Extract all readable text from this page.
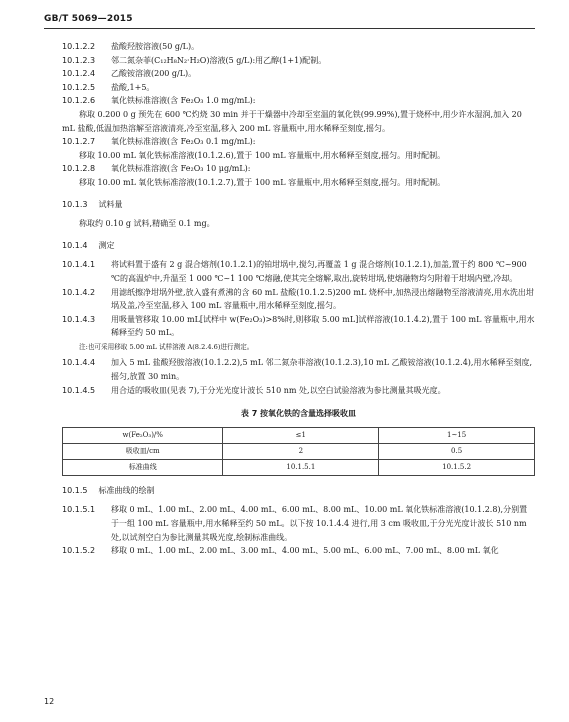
GB/T 5069—2015
10.1.2.2	盐酸羟胺溶液(50 g/L)。
10.1.2.3	邻二氮杂菲(C₁₂H₈N₂·H₂O)溶液(5 g/L):用乙醇(1+1)配制。
10.1.2.4	乙酸铵溶液(200 g/L)。
10.1.2.5	盐酸,1+5。
10.1.2.6	氧化铁标准溶液(含 Fe₂O₃ 1.0 mg/mL):

称取 0.200 0 g 预先在 600 ℃灼烧 30 min 并于干燥器中冷却至室温的氧化铁(99.99%),置于烧杯中,用少许水湿润,加入 20 mL 盐酸,低温加热溶解至溶液清亮,冷至室温,移入 200 mL 容量瓶中,用水稀释至刻度,摇匀。

10.1.2.7	氧化铁标准溶液(含 Fe₂O₃ 0.1 mg/mL):

移取 10.00 mL 氧化铁标准溶液(10.1.2.6),置于 100 mL 容量瓶中,用水稀释至刻度,摇匀。用时配制。

10.1.2.8	氧化铁标准溶液(含 Fe₂O₃ 10 μg/mL):

移取 10.00 mL 氧化铁标准溶液(10.1.2.7),置于 100 mL 容量瓶中,用水稀释至刻度,摇匀。用时配制。

10.1.3 试料量

称取约 0.10 g 试料,精确至 0.1 mg。

10.1.4 测定
10.1.4.1	将试料置于盛有 2 g 混合熔剂(10.1.2.1)的铂坩埚中,搅匀,再覆盖 1 g 混合熔剂(10.1.2.1),加盖,置于约 800 ℃~900 ℃的高温炉中,升温至 1 000 ℃~1 100 ℃熔融,使其完全熔解,取出,旋转坩埚,使熔融物均匀附着于坩埚内壁,冷却。
10.1.4.2	用滤纸擦净坩埚外壁,放入盛有煮沸的含 60 mL 盐酸(10.1.2.5)200 mL 烧杯中,加热浸出熔融物至溶液清亮,用水洗出坩埚及盖,冷至室温,移入 100 mL 容量瓶中,用水稀释至刻度,摇匀。
10.1.4.3	用吸量管移取 10.00 mL[试样中 w(Fe₂O₃)>8%时,则移取 5.00 mL]试样溶液(10.1.4.2),置于 100 mL 容量瓶中,用水稀释至约 50 mL。

注:也可采用移取 5.00 mL 试样溶液 A(8.2.4.6)进行测定。

10.1.4.4	加入 5 mL 盐酸羟胺溶液(10.1.2.2),5 mL 邻二氮杂菲溶液(10.1.2.3),10 mL 乙酸铵溶液(10.1.2.4),用水稀释至刻度,摇匀,放置 30 min。
10.1.4.5	用合适的吸收皿(见表 7),于分光光度计波长 510 nm 处,以空白试验溶液为参比测量其吸光度。
表 7 按氧化铁的含量选择吸收皿
w(Fe₂O₃)/%	≤1	1~15
吸收皿/cm	2	0.5
标准曲线	10.1.5.1	10.1.5.2
10.1.5 标准曲线的绘制
10.1.5.1	移取 0 mL、1.00 mL、2.00 mL、4.00 mL、6.00 mL、8.00 mL、10.00 mL 氧化铁标准溶液(10.1.2.8),分别置于一组 100 mL 容量瓶中,用水稀释至约 50 mL。以下按 10.1.4.4 进行,用 3 cm 吸收皿,于分光光度计波长 510 nm 处,以试剂空白为参比测量其吸光度,绘制标准曲线。
10.1.5.2	移取 0 mL、1.00 mL、2.00 mL、3.00 mL、4.00 mL、5.00 mL、6.00 mL、7.00 mL、8.00 mL 氧化
12
